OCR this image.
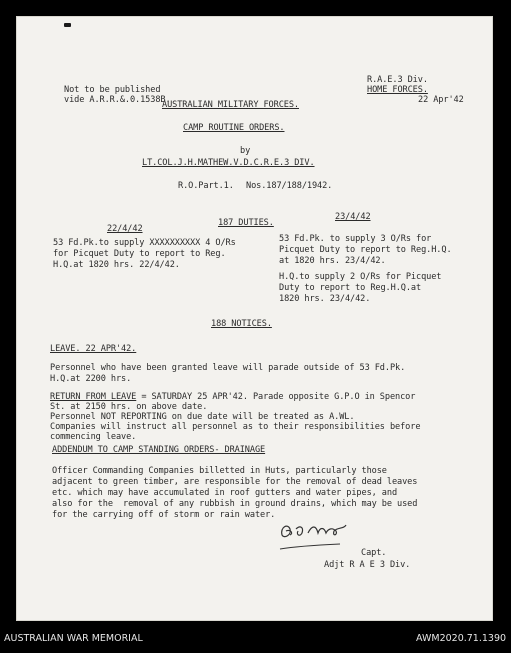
Not to be published
vide A.R.R.&.0.1538B.
R.A.E.3 Div.
HOME FORCES.
22 Apr'42
AUSTRALIAN MILITARY FORCES.
CAMP ROUTINE ORDERS.
by
LT.COL.J.H.MATHEW.V.D.C.R.E.3 DIV.
R.O.Part.1. Nos.187/188/1942.
187 DUTIES.
22/4/42
53 Fd.Pk.to supply XXXXXXXXXX 4 O/Rs
for Picquet Duty to report to Reg.
H.Q.at 1820 hrs. 22/4/42.
23/4/42
53 Fd.Pk. to supply 3 O/Rs for
Picquet Duty to report to Reg.H.Q.
at 1820 hrs. 23/4/42.
H.Q.to supply 2 O/Rs for Picquet
Duty to report to Reg.H.Q.at
1820 hrs. 23/4/42.
188 NOTICES.
LEAVE. 22 APR'42.
Personnel who have been granted leave will parade outside of 53 Fd.Pk.
H.Q.at 2200 hrs.
RETURN FROM LEAVE = SATURDAY 25 APR'42. Parade opposite G.P.O in Spencor
St. at 2150 hrs. on above date.
Personnel NOT REPORTING on due date will be treated as A.WL.
Companies will instruct all personnel as to their responsibilities before
commencing leave.
ADDENDUM TO CAMP STANDING ORDERS- DRAINAGE
Officer Commanding Companies billetted in Huts, particularly those
adjacent to green timber, are responsible for the removal of dead leaves
etc. which may have accumulated in roof gutters and water pipes, and
also for the  removal of any rubbish in ground drains, which may be used
for the carrying off of storm or rain water.
Capt.
Adjt R A E 3 Div.
AUSTRALIAN WAR MEMORIAL	AWM2020.71.1390
